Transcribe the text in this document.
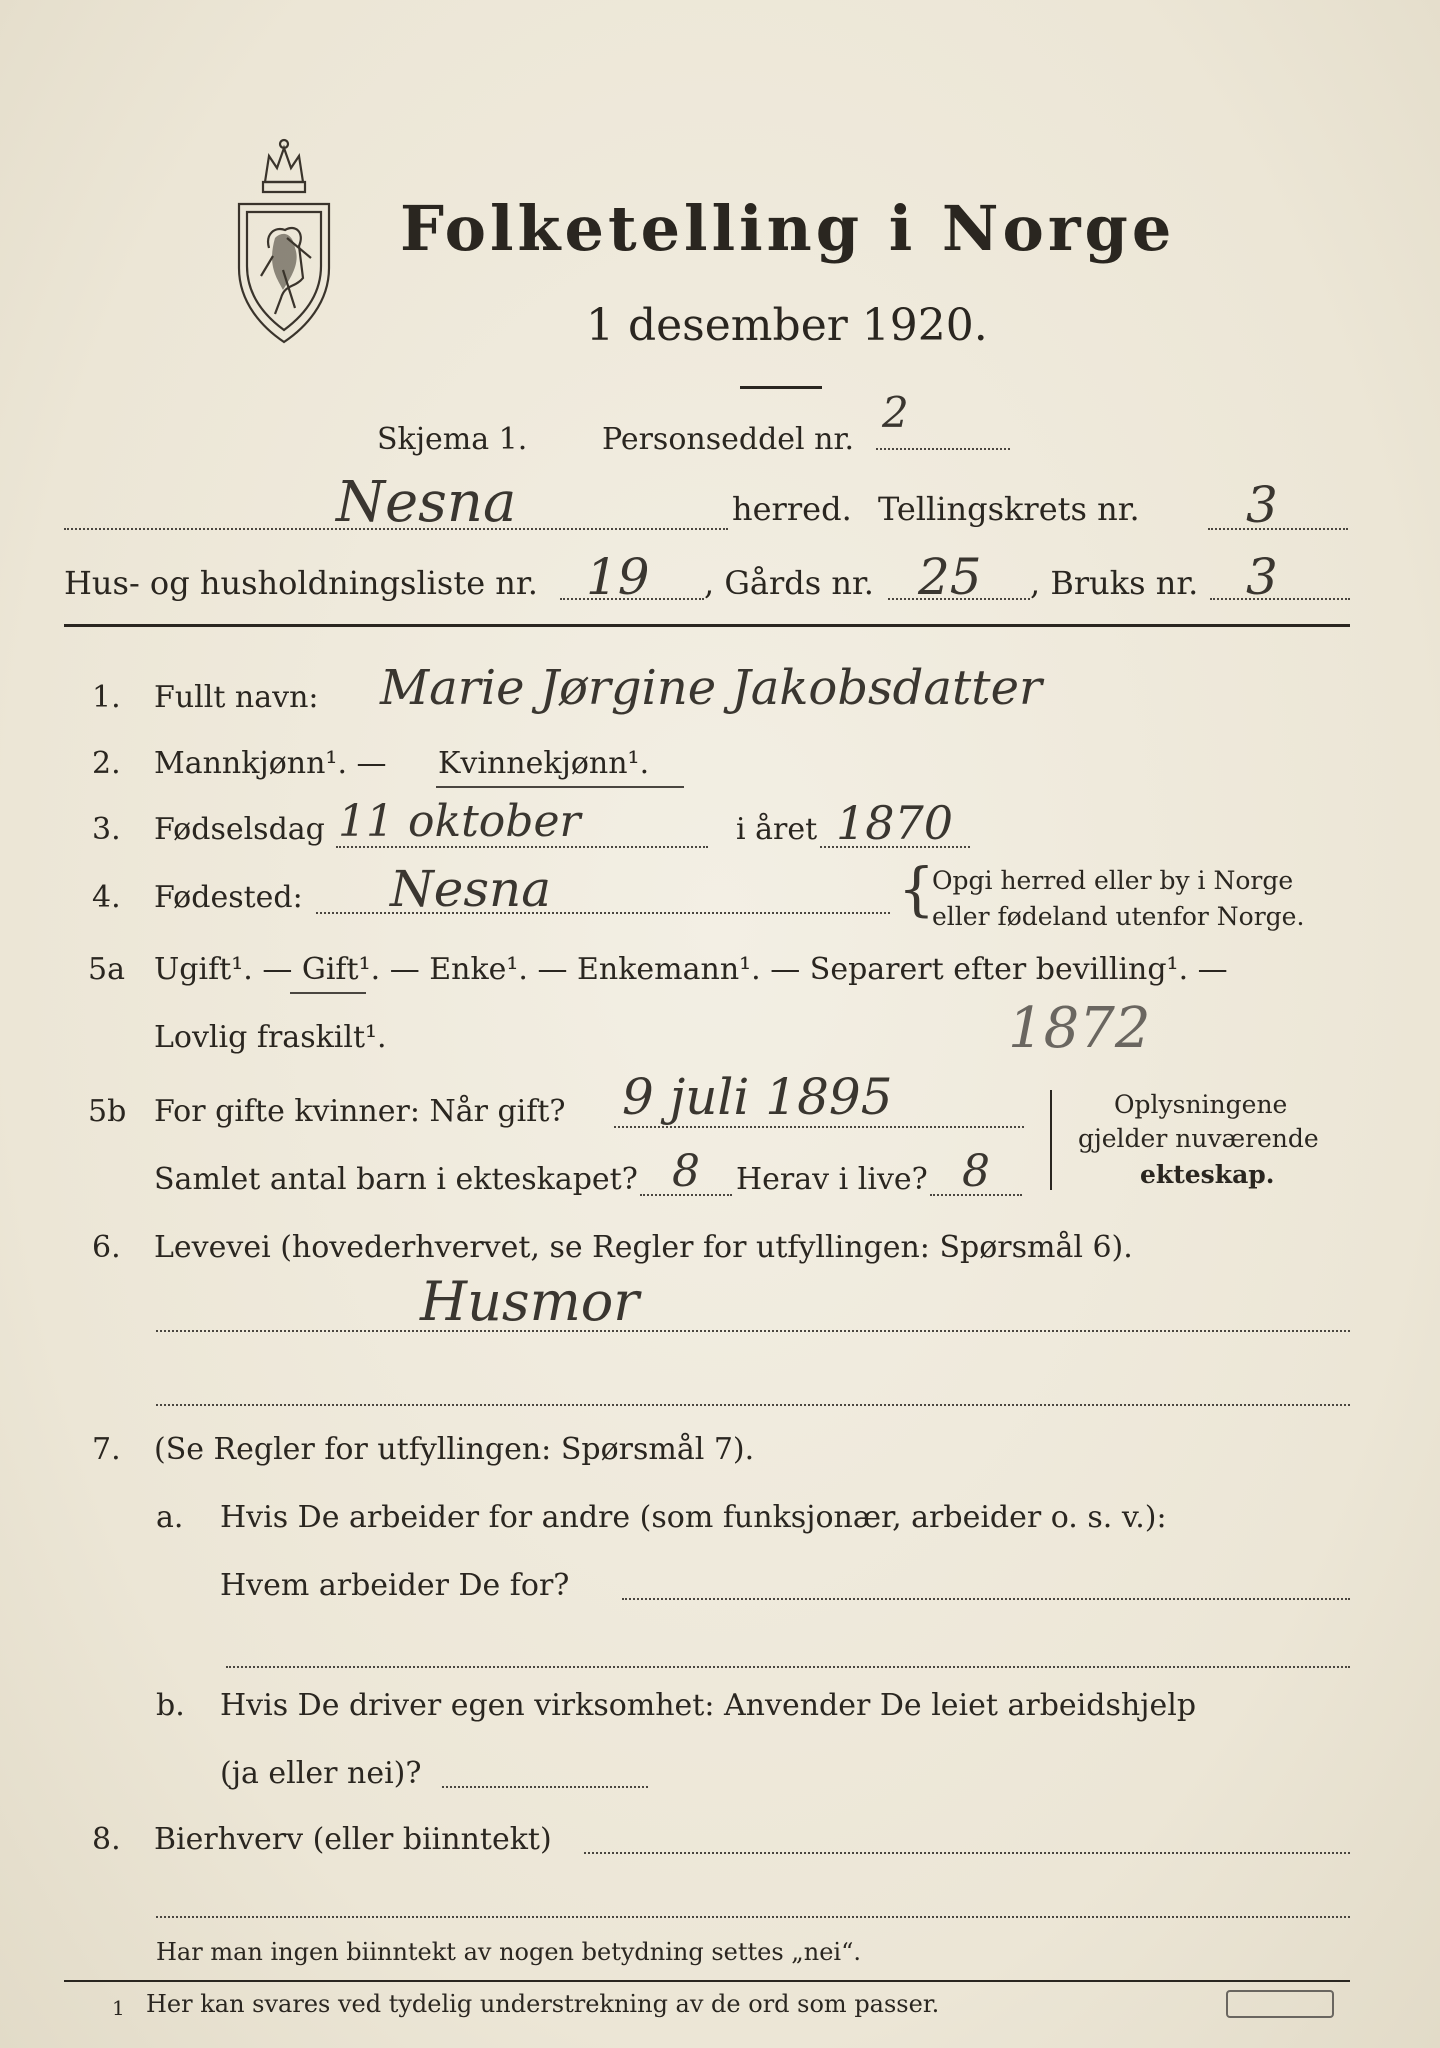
Folketelling i Norge
1 desember 1920.
Skjema 1. Personseddel nr.
2
Nesna	herred. Tellingskrets nr. 3
Hus- og husholdningsliste nr. 19 , Gårds nr. 25 , Bruks nr. 3
1. Fullt navn: Marie Jørgine Jakobsdatter
2. Mannkjønn¹. — Kvinnekjønn¹.
3. Fødselsdag 11 oktober	i året 1870
4. Fødested: Nesna	{
Opgi herred eller by i Norge
eller fødeland utenfor Norge.
5a Ugift¹. — Gift¹. — Enke¹. — Enkemann¹. — Separert efter bevilling¹. —
Lovlig fraskilt¹.	1872
5b For gifte kvinner: Når gift? 9 juli 1895
Samlet antal barn i ekteskapet? 8 Herav i live? 8
Oplysningene
gjelder nuværende
ekteskap.
6. Levevei (hovederhvervet, se Regler for utfyllingen: Spørsmål 6).
Husmor
7. (Se Regler for utfyllingen: Spørsmål 7).
a. Hvis De arbeider for andre (som funksjonær, arbeider o. s. v.):
Hvem arbeider De for?
b. Hvis De driver egen virksomhet: Anvender De leiet arbeidshjelp
(ja eller nei)?
8. Bierhverv (eller biinntekt)
Har man ingen biinntekt av nogen betydning settes „nei“.
1 Her kan svares ved tydelig understrekning av de ord som passer.
